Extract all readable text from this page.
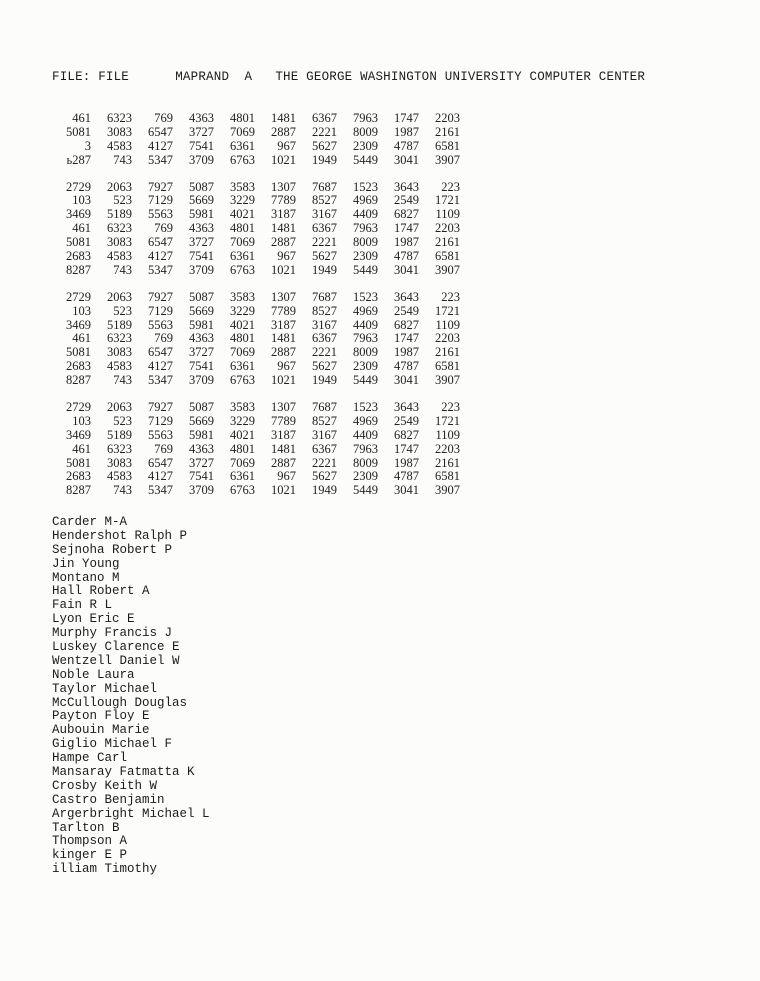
FILE: FILE	MAPRAND  A THE GEORGE WASHINGTON UNIVERSITY COMPUTER CENTER
461	6323	769	4363	4801	1481	6367	7963	1747	2203
5081	3083	6547	3727	7069	2887	2221	8009	1987	2161
3	4583	4127	7541	6361	967	5627	2309	4787	6581
ь287	743	5347	3709	6763	1021	1949	5449	3041	3907
2729	2063	7927	5087	3583	1307	7687	1523	3643	223
103	523	7129	5669	3229	7789	8527	4969	2549	1721
3469	5189	5563	5981	4021	3187	3167	4409	6827	1109
461	6323	769	4363	4801	1481	6367	7963	1747	2203
5081	3083	6547	3727	7069	2887	2221	8009	1987	2161
2683	4583	4127	7541	6361	967	5627	2309	4787	6581
8287	743	5347	3709	6763	1021	1949	5449	3041	3907
2729	2063	7927	5087	3583	1307	7687	1523	3643	223
103	523	7129	5669	3229	7789	8527	4969	2549	1721
3469	5189	5563	5981	4021	3187	3167	4409	6827	1109
461	6323	769	4363	4801	1481	6367	7963	1747	2203
5081	3083	6547	3727	7069	2887	2221	8009	1987	2161
2683	4583	4127	7541	6361	967	5627	2309	4787	6581
8287	743	5347	3709	6763	1021	1949	5449	3041	3907
2729	2063	7927	5087	3583	1307	7687	1523	3643	223
103	523	7129	5669	3229	7789	8527	4969	2549	1721
3469	5189	5563	5981	4021	3187	3167	4409	6827	1109
461	6323	769	4363	4801	1481	6367	7963	1747	2203
5081	3083	6547	3727	7069	2887	2221	8009	1987	2161
2683	4583	4127	7541	6361	967	5627	2309	4787	6581
8287	743	5347	3709	6763	1021	1949	5449	3041	3907
Carder M-A
Hendershot Ralph P
Sejnoha Robert P
Jin Young
Montano M
Hall Robert A
Fain R L
Lyon Eric E
Murphy Francis J
Luskey Clarence E
Wentzell Daniel W
Noble Laura
Taylor Michael
McCullough Douglas
Payton Floy E
Aubouin Marie
Giglio Michael F
Hampe Carl
Mansaray Fatmatta K
Crosby Keith W
Castro Benjamin
Argerbright Michael L
Tarlton B
Thompson A
kinger E P
illiam Timothy
